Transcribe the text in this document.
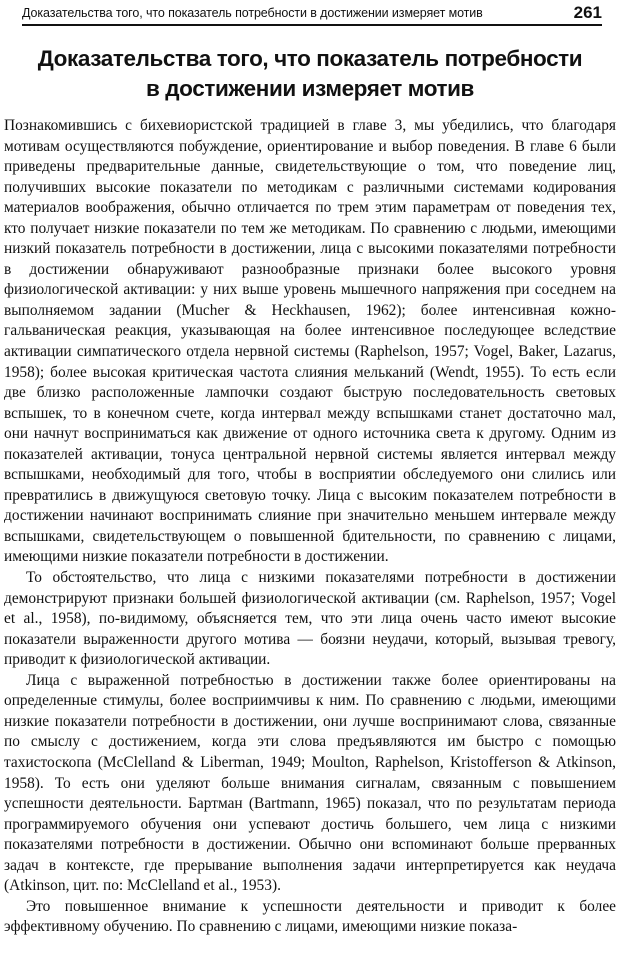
Доказательства того, что показатель потребности в достижении измеряет мотив	261
Доказательства того, что показатель потребности
в достижении измеряет мотив

Познакомившись с бихевиористской традицией в главе 3, мы убедились, что благодаря мотивам осуществляются побуждение, ориентирование и выбор поведения. В главе 6 были приведены предварительные данные, свидетельствующие о том, что поведение лиц, получивших высокие показатели по методикам с различными системами кодирования материалов воображения, обычно отличается по трем этим параметрам от поведения тех, кто получает низкие показатели по тем же методикам. По сравнению с людьми, имеющими низкий показатель потребности в достижении, лица с высокими показателями потребности в достижении обнаруживают разнообразные признаки более высокого уровня физиологической активации: у них выше уровень мышечного напряжения при соседнем на выполняемом задании (Mucher & Heckhausen, 1962); более интенсивная кожно-гальваническая реакция, указывающая на более интенсивное последующее вследствие активации симпатического отдела нервной системы (Raphelson, 1957; Vogel, Baker, Lazarus, 1958); более высокая критическая частота слияния мельканий (Wendt, 1955). То есть если две близко расположенные лампочки создают быструю последовательность световых вспышек, то в конечном счете, когда интервал между вспышками станет достаточно мал, они начнут восприниматься как движение от одного источника света к другому. Одним из показателей активации, тонуса центральной нервной системы является интервал между вспышками, необходимый для того, чтобы в восприятии обследуемого они слились или превратились в движущуюся световую точку. Лица с высоким показателем потребности в достижении начинают воспринимать слияние при значительно меньшем интервале между вспышками, свидетельствующем о повышенной бдительности, по сравнению с лицами, имеющими низкие показатели потребности в достижении.

То обстоятельство, что лица с низкими показателями потребности в достижении демонстрируют признаки большей физиологической активации (см. Raphelson, 1957; Vogel et al., 1958), по-видимому, объясняется тем, что эти лица очень часто имеют высокие показатели выраженности другого мотива — боязни неудачи, который, вызывая тревогу, приводит к физиологической активации.

Лица с выраженной потребностью в достижении также более ориентированы на определенные стимулы, более восприимчивы к ним. По сравнению с людьми, имеющими низкие показатели потребности в достижении, они лучше воспринимают слова, связанные по смыслу с достижением, когда эти слова предъявляются им быстро с помощью тахистоскопа (McClelland & Liberman, 1949; Moulton, Raphelson, Kristofferson & Atkinson, 1958). То есть они уделяют больше внимания сигналам, связанным с повышением успешности деятельности. Бартман (Bartmann, 1965) показал, что по результатам периода программируемого обучения они успевают достичь большего, чем лица с низкими показателями потребности в достижении. Обычно они вспоминают больше прерванных задач в контексте, где прерывание выполнения задачи интерпретируется как неудача (Atkinson, цит. по: McClelland et al., 1953).

Это повышенное внимание к успешности деятельности и приводит к более эффективному обучению. По сравнению с лицами, имеющими низкие показа-
